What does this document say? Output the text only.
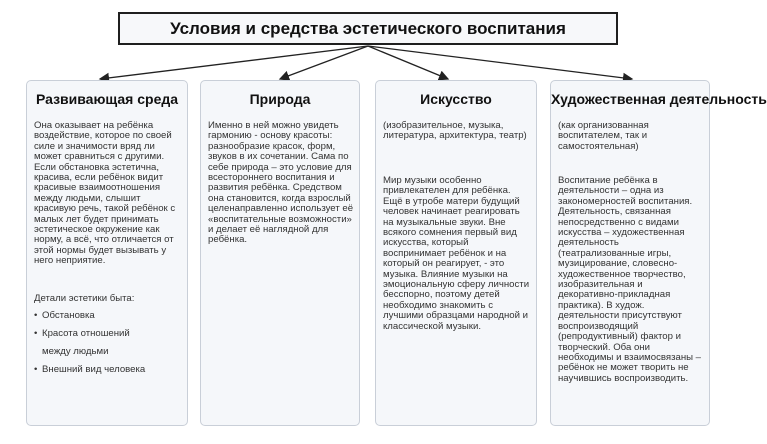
Условия и средства эстетического воспитания
Развивающая среда
Она оказывает на ребёнка воздействие, которое по своей силе и значимости вряд ли может сравниться с другими. Если обстановка эстетична, красива, если ребёнок видит красивые взаимоотношения между людьми, слышит красивую речь, такой ребёнок с малых лет будет принимать эстетическое окружение как норму, а всё, что отличается от этой нормы будет вызывать у него неприятие.
Детали эстетики быта:
• Обстановка
• Красота отношений
между людьми
• Внешний вид человека
Природа
Именно в ней можно увидеть гармонию - основу красоты: разнообразие красок, форм, звуков в их сочетании. Сама по себе природа – это условие для всестороннего воспитания и развития ребёнка. Средством она становится, когда взрослый целенаправленно использует её «воспитательные возможности» и делает её наглядной для ребёнка.
Искусство
(изобразительное, музыка, литература, архитектура, театр)
Мир музыки особенно привлекателен для ребёнка. Ещё в утробе матери будущий человек начинает реагировать на музыкальные звуки. Вне всякого сомнения первый вид искусства, который воспринимает ребёнок и на который он реагирует, - это музыка. Влияние музыки на эмоциональную сферу личности бесспорно, поэтому детей необходимо знакомить с лучшими образцами народной и классической музыки.
Художественная деятельность
(как организованная воспитателем, так и самостоятельная)
Воспитание ребёнка в деятельности – одна из закономерностей воспитания. Деятельность, связанная непосредственно с видами искусства – художественная деятельность (театрализованные игры, музицирование, словесно-художественное творчество, изобразительная и декоративно-прикладная практика). В худож. деятельности присутствуют воспроизводящий (репродуктивный) фактор и творческий. Оба они необходимы и взаимосвязаны – ребёнок не может творить не научившись воспроизводить.
